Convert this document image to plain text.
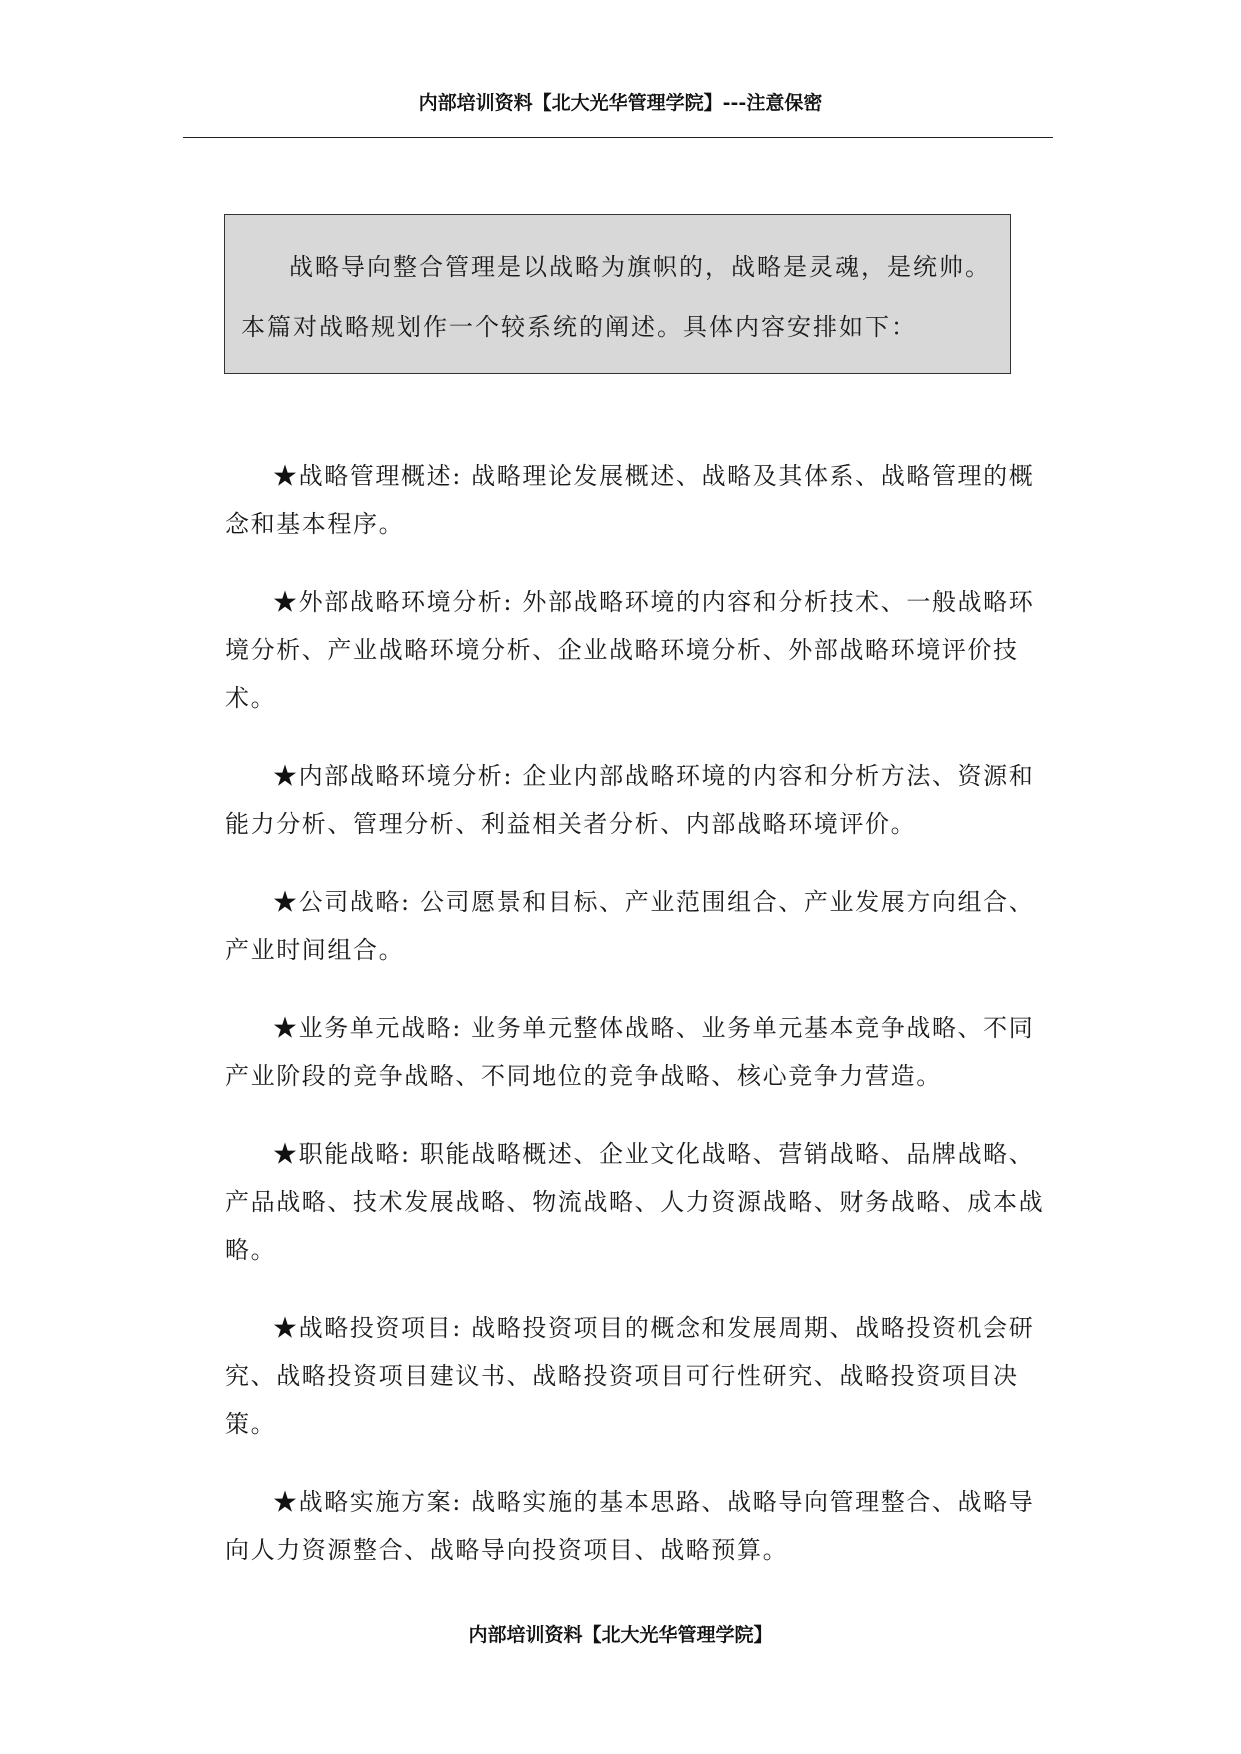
内部培训资料【北大光华管理学院】---注意保密
战略导向整合管理是以战略为旗帜的，战略是灵魂，是统帅。本篇对战略规划作一个较系统的阐述。具体内容安排如下：

★战略管理概述: 战略理论发展概述、战略及其体系、战略管理的概念和基本程序。

★外部战略环境分析: 外部战略环境的内容和分析技术、一般战略环境分析、产业战略环境分析、企业战略环境分析、外部战略环境评价技术。

★内部战略环境分析: 企业内部战略环境的内容和分析方法、资源和能力分析、管理分析、利益相关者分析、内部战略环境评价。

★公司战略: 公司愿景和目标、产业范围组合、产业发展方向组合、产业时间组合。

★业务单元战略: 业务单元整体战略、业务单元基本竞争战略、不同产业阶段的竞争战略、不同地位的竞争战略、核心竞争力营造。

★职能战略: 职能战略概述、企业文化战略、营销战略、品牌战略、产品战略、技术发展战略、物流战略、人力资源战略、财务战略、成本战略。

★战略投资项目: 战略投资项目的概念和发展周期、战略投资机会研究、战略投资项目建议书、战略投资项目可行性研究、战略投资项目决策。

★战略实施方案: 战略实施的基本思路、战略导向管理整合、战略导向人力资源整合、战略导向投资项目、战略预算。

内部培训资料【北大光华管理学院】
